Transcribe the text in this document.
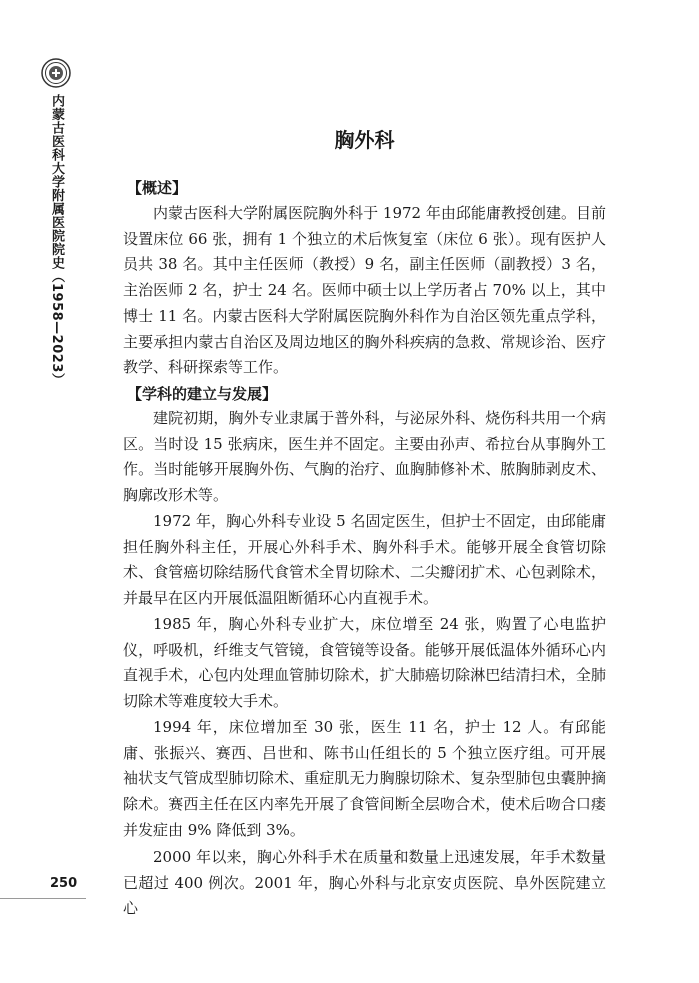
内蒙古医科大学附属医院院史（1958—2023）
250
胸外科
【概述】

内蒙古医科大学附属医院胸外科于 1972 年由邱能庸教授创建。目前设置床位 66 张，拥有 1 个独立的术后恢复室（床位 6 张）。现有医护人员共 38 名。其中主任医师（教授）9 名，副主任医师（副教授）3 名，主治医师 2 名，护士 24 名。医师中硕士以上学历者占 70% 以上，其中博士 11 名。内蒙古医科大学附属医院胸外科作为自治区领先重点学科，主要承担内蒙古自治区及周边地区的胸外科疾病的急救、常规诊治、医疗教学、科研探索等工作。

【学科的建立与发展】

建院初期，胸外专业隶属于普外科，与泌尿外科、烧伤科共用一个病区。当时设 15 张病床，医生并不固定。主要由孙声、希拉台从事胸外工作。当时能够开展胸外伤、气胸的治疗、血胸肺修补术、脓胸肺剥皮术、胸廓改形术等。

1972 年，胸心外科专业设 5 名固定医生，但护士不固定，由邱能庸担任胸外科主任，开展心外科手术、胸外科手术。能够开展全食管切除术、食管癌切除结肠代食管术全胃切除术、二尖瓣闭扩术、心包剥除术，并最早在区内开展低温阻断循环心内直视手术。

1985 年，胸心外科专业扩大，床位增至 24 张，购置了心电监护仪，呼吸机，纤维支气管镜，食管镜等设备。能够开展低温体外循环心内直视手术，心包内处理血管肺切除术，扩大肺癌切除淋巴结清扫术，全肺切除术等难度较大手术。

1994 年，床位增加至 30 张，医生 11 名，护士 12 人。有邱能庸、张振兴、赛西、吕世和、陈书山任组长的 5 个独立医疗组。可开展袖状支气管成型肺切除术、重症肌无力胸腺切除术、复杂型肺包虫囊肿摘除术。赛西主任在区内率先开展了食管间断全层吻合术，使术后吻合口瘘并发症由 9% 降低到 3%。

2000 年以来，胸心外科手术在质量和数量上迅速发展，年手术数量已超过 400 例次。2001 年，胸心外科与北京安贞医院、阜外医院建立心
